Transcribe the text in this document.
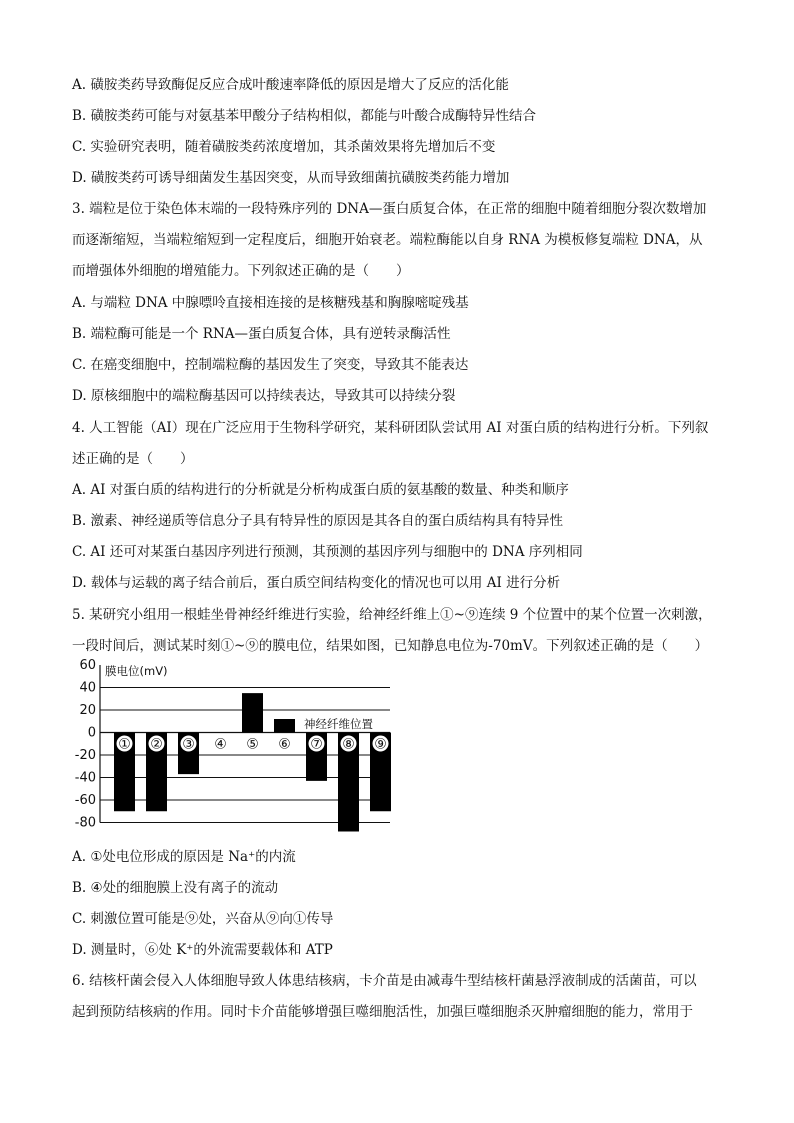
A. 磺胺类药导致酶促反应合成叶酸速率降低的原因是增大了反应的活化能
B. 磺胺类药可能与对氨基苯甲酸分子结构相似，都能与叶酸合成酶特异性结合
C. 实验研究表明，随着磺胺类药浓度增加，其杀菌效果将先增加后不变
D. 磺胺类药可诱导细菌发生基因突变，从而导致细菌抗磺胺类药能力增加
3. 端粒是位于染色体末端的一段特殊序列的 DNA—蛋白质复合体，在正常的细胞中随着细胞分裂次数增加
而逐渐缩短，当端粒缩短到一定程度后，细胞开始衰老。端粒酶能以自身 RNA 为模板修复端粒 DNA，从
而增强体外细胞的增殖能力。下列叙述正确的是（　　）
A. 与端粒 DNA 中腺嘌呤直接相连接的是核糖残基和胸腺嘧啶残基
B. 端粒酶可能是一个 RNA—蛋白质复合体，具有逆转录酶活性
C. 在癌变细胞中，控制端粒酶的基因发生了突变，导致其不能表达
D. 原核细胞中的端粒酶基因可以持续表达，导致其可以持续分裂
4. 人工智能（AI）现在广泛应用于生物科学研究，某科研团队尝试用 AI 对蛋白质的结构进行分析。下列叙
述正确的是（　　）
A. AI 对蛋白质的结构进行的分析就是分析构成蛋白质的氨基酸的数量、种类和顺序
B. 激素、神经递质等信息分子具有特异性的原因是其各自的蛋白质结构具有特异性
C. AI 还可对某蛋白基因序列进行预测，其预测的基因序列与细胞中的 DNA 序列相同
D. 载体与运载的离子结合前后，蛋白质空间结构变化的情况也可以用 AI 进行分析
5. 某研究小组用一根蛙坐骨神经纤维进行实验，给神经纤维上①~⑨连续 9 个位置中的某个位置一次刺激，
一段时间后，测试某时刻①~⑨的膜电位，结果如图，已知静息电位为-70mV。下列叙述正确的是（　　）
60
40
20
0
-20
-40
-60
-80
① ② ③ ④ ⑤ ⑥ ⑦ ⑧ ⑨
膜电位(mV)
神经纤维位置
A. ①处电位形成的原因是 Na⁺的内流
B. ④处的细胞膜上没有离子的流动
C. 刺激位置可能是⑨处，兴奋从⑨向①传导
D. 测量时，⑥处 K⁺的外流需要载体和 ATP
6. 结核杆菌会侵入人体细胞导致人体患结核病，卡介苗是由减毒牛型结核杆菌悬浮液制成的活菌苗，可以
起到预防结核病的作用。同时卡介苗能够增强巨噬细胞活性，加强巨噬细胞杀灭肿瘤细胞的能力，常用于
